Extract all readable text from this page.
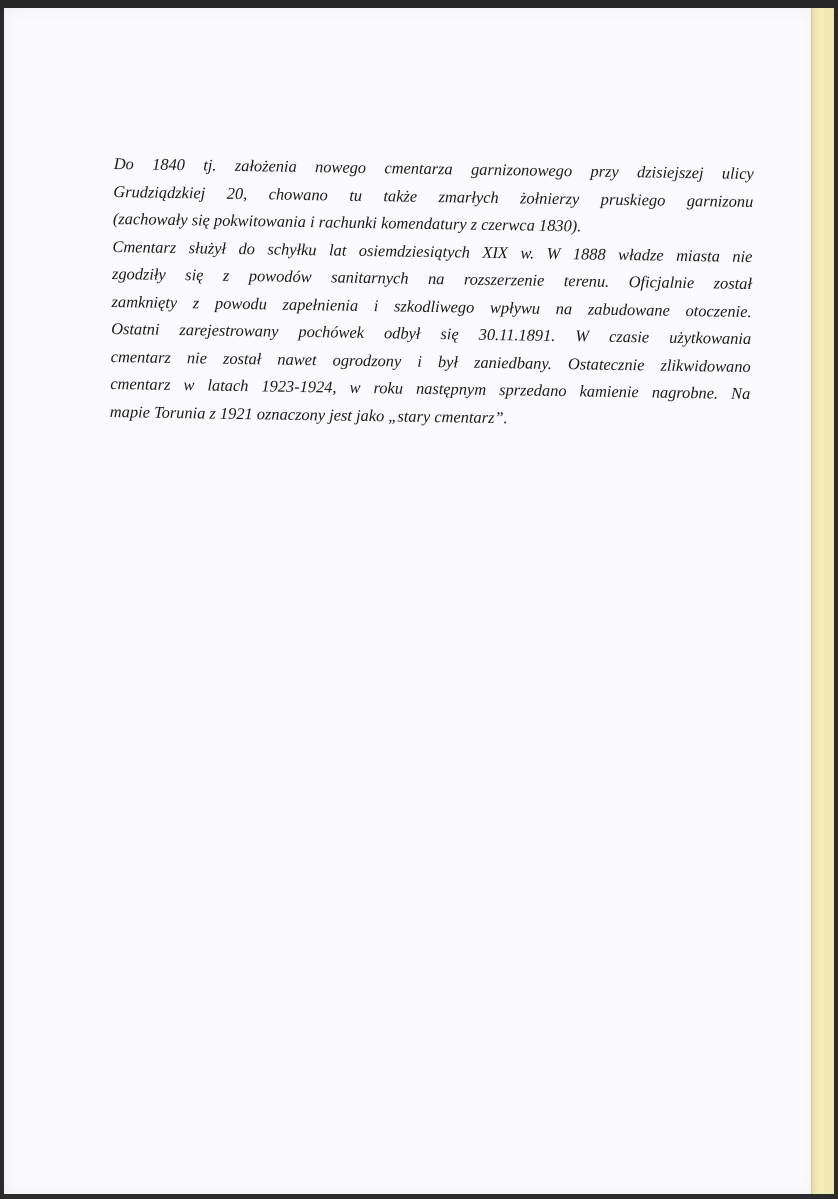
Do 1840 tj. założenia nowego cmentarza garnizonowego przy dzisiejszej ulicy
Grudziądzkiej 20, chowano tu także zmarłych żołnierzy pruskiego garnizonu
(zachowały się pokwitowania i rachunki komendatury z czerwca 1830).
Cmentarz służył do schyłku lat osiemdziesiątych XIX w. W 1888 władze miasta nie
zgodziły się z powodów sanitarnych na rozszerzenie terenu. Oficjalnie został
zamknięty z powodu zapełnienia i szkodliwego wpływu na zabudowane otoczenie.
Ostatni zarejestrowany pochówek odbył się 30.11.1891. W czasie użytkowania
cmentarz nie został nawet ogrodzony i był zaniedbany. Ostatecznie zlikwidowano
cmentarz w latach 1923-1924, w roku następnym sprzedano kamienie nagrobne. Na
mapie Torunia z 1921 oznaczony jest jako „stary cmentarz”.
